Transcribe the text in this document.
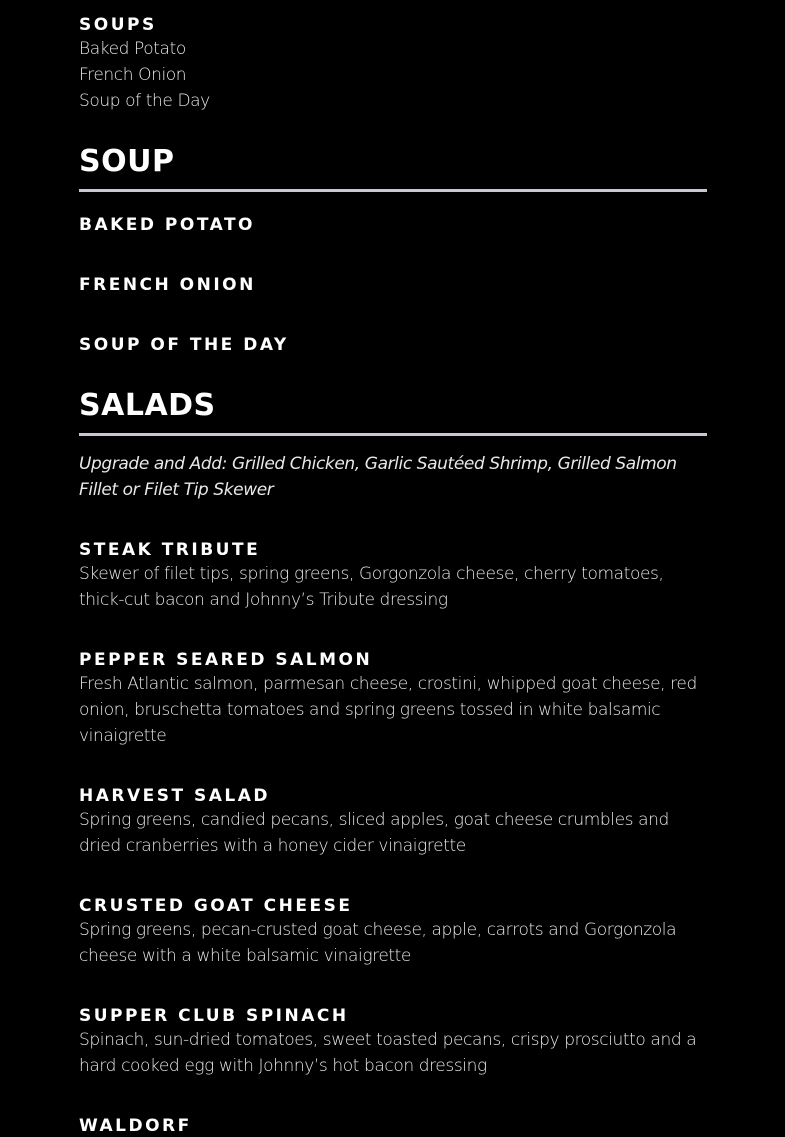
SOUPS
Baked Potato
French Onion
Soup of the Day
SOUP
BAKED POTATO
FRENCH ONION
SOUP OF THE DAY
SALADS

Upgrade and Add: Grilled Chicken, Garlic Sautéed Shrimp, Grilled Salmon Fillet or Filet Tip Skewer

STEAK TRIBUTE

Skewer of filet tips, spring greens, Gorgonzola cheese, cherry tomatoes, thick-cut bacon and Johnny’s Tribute dressing

PEPPER SEARED SALMON

Fresh Atlantic salmon, parmesan cheese, crostini, whipped goat cheese, red onion, bruschetta tomatoes and spring greens tossed in white balsamic vinaigrette

HARVEST SALAD

Spring greens, candied pecans, sliced apples, goat cheese crumbles and dried cranberries with a honey cider vinaigrette

CRUSTED GOAT CHEESE

Spring greens, pecan-crusted goat cheese, apple, carrots and Gorgonzola cheese with a white balsamic vinaigrette

SUPPER CLUB SPINACH

Spinach, sun-dried tomatoes, sweet toasted pecans, crispy prosciutto and a hard cooked egg with Johnny’s hot bacon dressing

WALDORF
